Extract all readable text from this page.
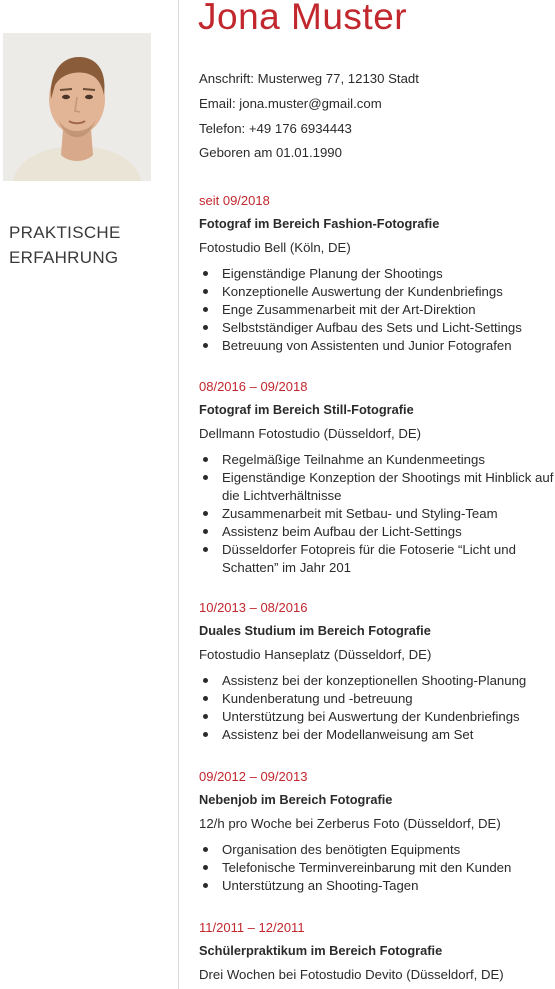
Jona Muster
Anschrift: Musterweg 77, 12130 Stadt
Email: jona.muster@gmail.com
Telefon: +49 176 6934443
Geboren am 01.01.1990
PRAKTISCHE
ERFAHRUNG
seit 09/2018
Fotograf im Bereich Fashion-Fotografie
Fotostudio Bell (Köln, DE)
Eigenständige Planung der Shootings
Konzeptionelle Auswertung der Kundenbriefings
Enge Zusammenarbeit mit der Art-Direktion
Selbstständiger Aufbau des Sets und Licht-Settings
Betreuung von Assistenten und Junior Fotografen
08/2016 – 09/2018
Fotograf im Bereich Still-Fotografie
Dellmann Fotostudio (Düsseldorf, DE)
Regelmäßige Teilnahme an Kundenmeetings
Eigenständige Konzeption der Shootings mit Hinblick auf die Lichtverhältnisse
Zusammenarbeit mit Setbau- und Styling-Team
Assistenz beim Aufbau der Licht-Settings
Düsseldorfer Fotopreis für die Fotoserie “Licht und Schatten” im Jahr 201
10/2013 – 08/2016
Duales Studium im Bereich Fotografie
Fotostudio Hanseplatz (Düsseldorf, DE)
Assistenz bei der konzeptionellen Shooting-Planung
Kundenberatung und -betreuung
Unterstützung bei Auswertung der Kundenbriefings
Assistenz bei der Modellanweisung am Set
09/2012 – 09/2013
Nebenjob im Bereich Fotografie
12/h pro Woche bei Zerberus Foto (Düsseldorf, DE)
Organisation des benötigten Equipments
Telefonische Terminvereinbarung mit den Kunden
Unterstützung an Shooting-Tagen
11/2011 – 12/2011
Schülerpraktikum im Bereich Fotografie
Drei Wochen bei Fotostudio Devito (Düsseldorf, DE)
